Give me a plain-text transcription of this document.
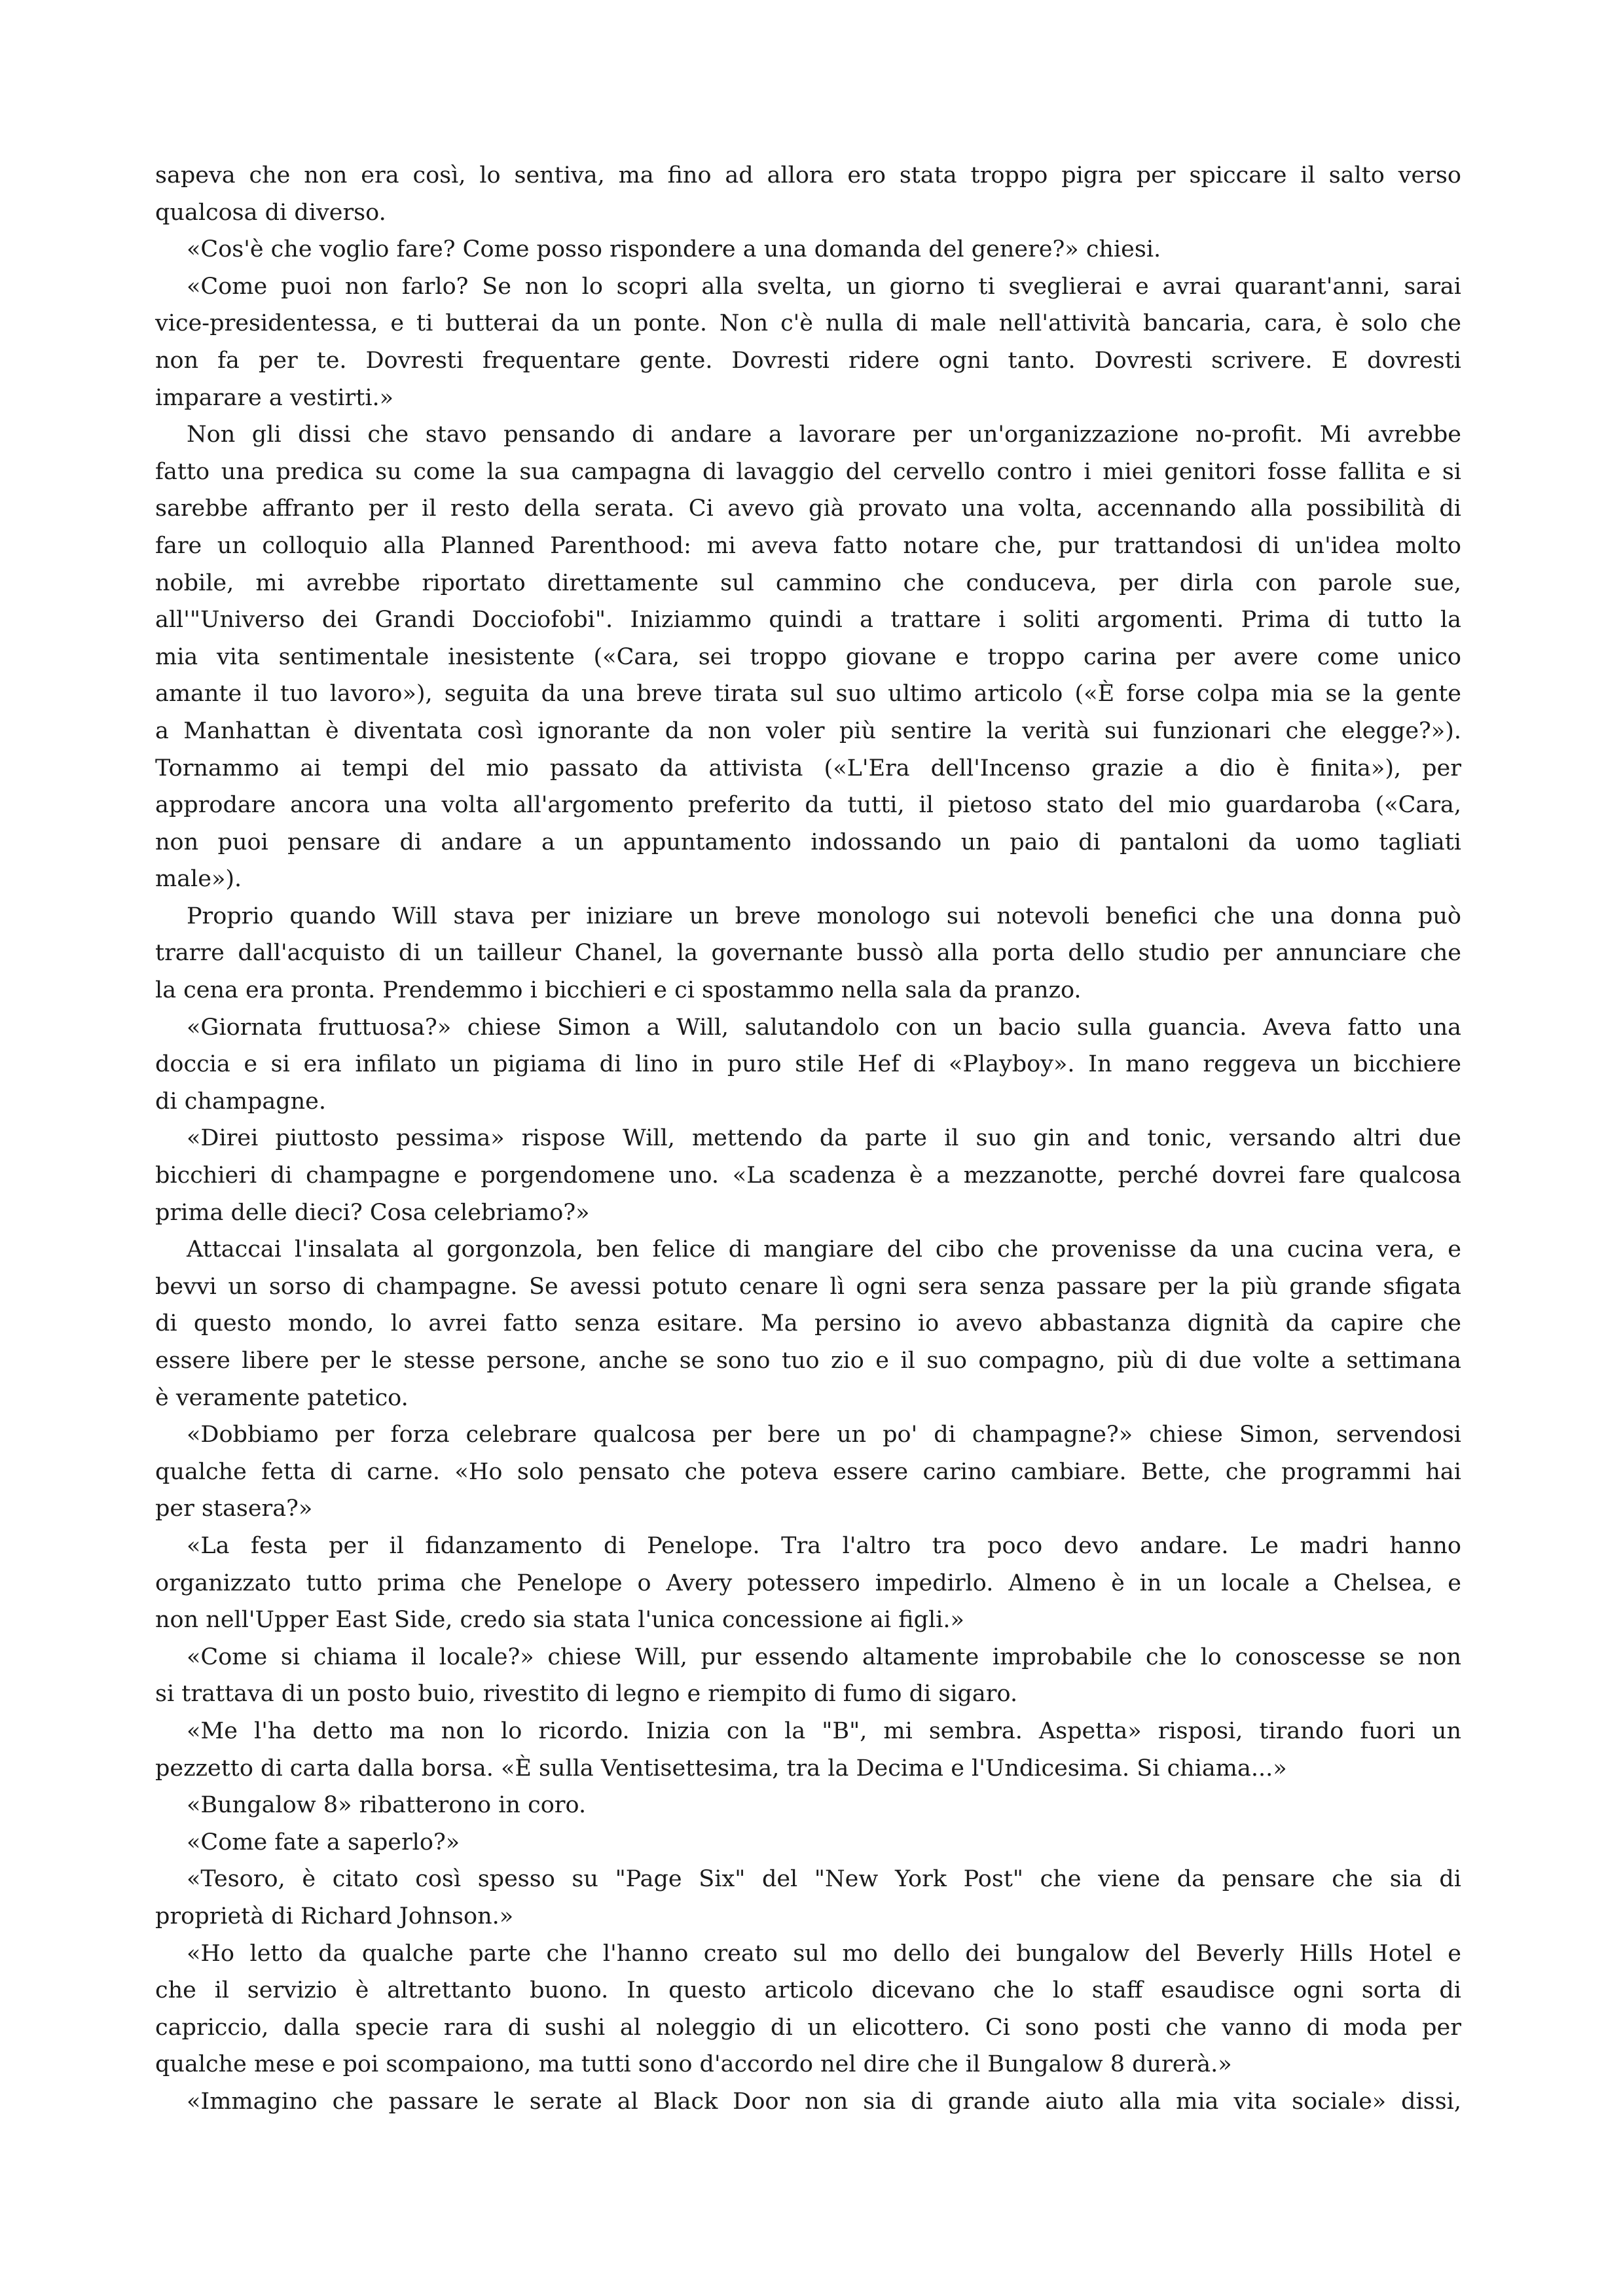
sapeva che non era così, lo sentiva, ma fino ad allora ero stata troppo pigra per spiccare il salto verso
qualcosa di diverso.
«Cos'è che voglio fare? Come posso rispondere a una domanda del genere?» chiesi.
«Come puoi non farlo? Se non lo scopri alla svelta, un giorno ti sveglierai e avrai quarant'anni, sarai
vice-presidentessa, e ti butterai da un ponte. Non c'è nulla di male nell'attività bancaria, cara, è solo che
non fa per te. Dovresti frequentare gente. Dovresti ridere ogni tanto. Dovresti scrivere. E dovresti
imparare a vestirti.»
Non gli dissi che stavo pensando di andare a lavorare per un'organizzazione no-profit. Mi avrebbe
fatto una predica su come la sua campagna di lavaggio del cervello contro i miei genitori fosse fallita e si
sarebbe affranto per il resto della serata. Ci avevo già provato una volta, accennando alla possibilità di
fare un colloquio alla Planned Parenthood: mi aveva fatto notare che, pur trattandosi di un'idea molto
nobile, mi avrebbe riportato direttamente sul cammino che conduceva, per dirla con parole sue,
all'"Universo dei Grandi Docciofobi". Iniziammo quindi a trattare i soliti argomenti. Prima di tutto la
mia vita sentimentale inesistente («Cara, sei troppo giovane e troppo carina per avere come unico
amante il tuo lavoro»), seguita da una breve tirata sul suo ultimo articolo («È forse colpa mia se la gente
a Manhattan è diventata così ignorante da non voler più sentire la verità sui funzionari che elegge?»).
Tornammo ai tempi del mio passato da attivista («L'Era dell'Incenso grazie a dio è finita»), per
approdare ancora una volta all'argomento preferito da tutti, il pietoso stato del mio guardaroba («Cara,
non puoi pensare di andare a un appuntamento indossando un paio di pantaloni da uomo tagliati
male»).
Proprio quando Will stava per iniziare un breve monologo sui notevoli benefici che una donna può
trarre dall'acquisto di un tailleur Chanel, la governante bussò alla porta dello studio per annunciare che
la cena era pronta. Prendemmo i bicchieri e ci spostammo nella sala da pranzo.
«Giornata fruttuosa?» chiese Simon a Will, salutandolo con un bacio sulla guancia. Aveva fatto una
doccia e si era infilato un pigiama di lino in puro stile Hef di «Playboy». In mano reggeva un bicchiere
di champagne.
«Direi piuttosto pessima» rispose Will, mettendo da parte il suo gin and tonic, versando altri due
bicchieri di champagne e porgendomene uno. «La scadenza è a mezzanotte, perché dovrei fare qualcosa
prima delle dieci? Cosa celebriamo?»
Attaccai l'insalata al gorgonzola, ben felice di mangiare del cibo che provenisse da una cucina vera, e
bevvi un sorso di champagne. Se avessi potuto cenare lì ogni sera senza passare per la più grande sfigata
di questo mondo, lo avrei fatto senza esitare. Ma persino io avevo abbastanza dignità da capire che
essere libere per le stesse persone, anche se sono tuo zio e il suo compagno, più di due volte a settimana
è veramente patetico.
«Dobbiamo per forza celebrare qualcosa per bere un po' di champagne?» chiese Simon, servendosi
qualche fetta di carne. «Ho solo pensato che poteva essere carino cambiare. Bette, che programmi hai
per stasera?»
«La festa per il fidanzamento di Penelope. Tra l'altro tra poco devo andare. Le madri hanno
organizzato tutto prima che Penelope o Avery potessero impedirlo. Almeno è in un locale a Chelsea, e
non nell'Upper East Side, credo sia stata l'unica concessione ai figli.»
«Come si chiama il locale?» chiese Will, pur essendo altamente improbabile che lo conoscesse se non
si trattava di un posto buio, rivestito di legno e riempito di fumo di sigaro.
«Me l'ha detto ma non lo ricordo. Inizia con la "B", mi sembra. Aspetta» risposi, tirando fuori un
pezzetto di carta dalla borsa. «È sulla Ventisettesima, tra la Decima e l'Undicesima. Si chiama...»
«Bungalow 8» ribatterono in coro.
«Come fate a saperlo?»
«Tesoro, è citato così spesso su "Page Six" del "New York Post" che viene da pensare che sia di
proprietà di Richard Johnson.»
«Ho letto da qualche parte che l'hanno creato sul mo dello dei bungalow del Beverly Hills Hotel e
che il servizio è altrettanto buono. In questo articolo dicevano che lo staff esaudisce ogni sorta di
capriccio, dalla specie rara di sushi al noleggio di un elicottero. Ci sono posti che vanno di moda per
qualche mese e poi scompaiono, ma tutti sono d'accordo nel dire che il Bungalow 8 durerà.»
«Immagino che passare le serate al Black Door non sia di grande aiuto alla mia vita sociale» dissi,
